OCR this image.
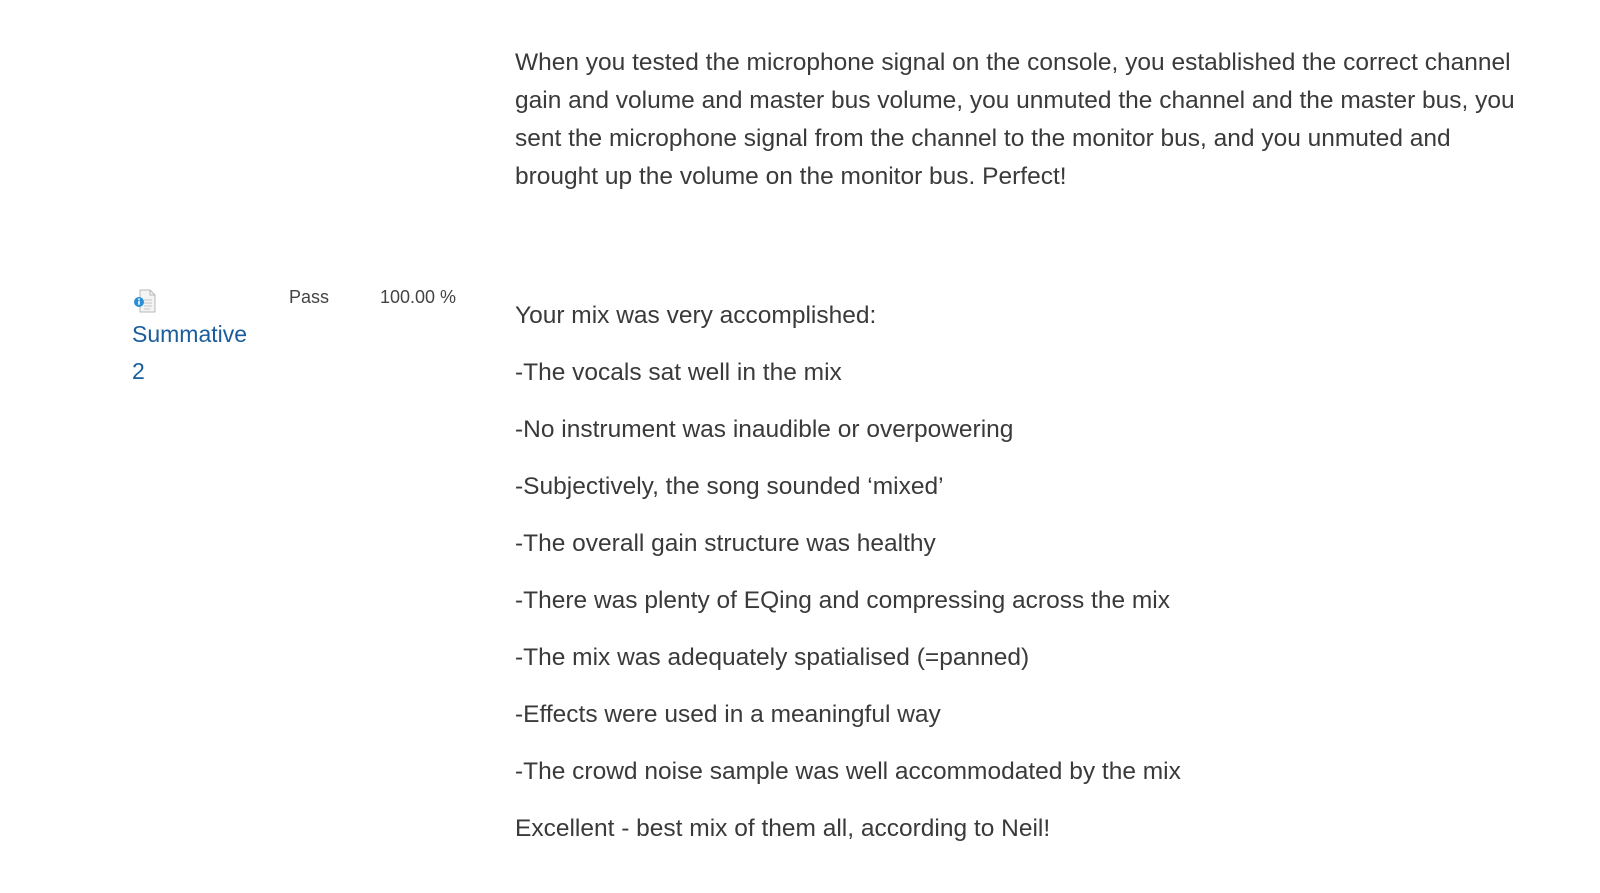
When you tested the microphone signal on the console, you established the correct channel gain and volume and master bus volume, you unmuted the channel and the master bus, you sent the microphone signal from the channel to the monitor bus, and you unmuted and brought up the volume on the monitor bus. Perfect!

Summative 2
Pass	100.00 %

Your mix was very accomplished:

-The vocals sat well in the mix

-No instrument was inaudible or overpowering

-Subjectively, the song sounded ‘mixed’

-The overall gain structure was healthy

-There was plenty of EQing and compressing across the mix

-The mix was adequately spatialised (=panned)

-Effects were used in a meaningful way

-The crowd noise sample was well accommodated by the mix

Excellent - best mix of them all, according to Neil!
